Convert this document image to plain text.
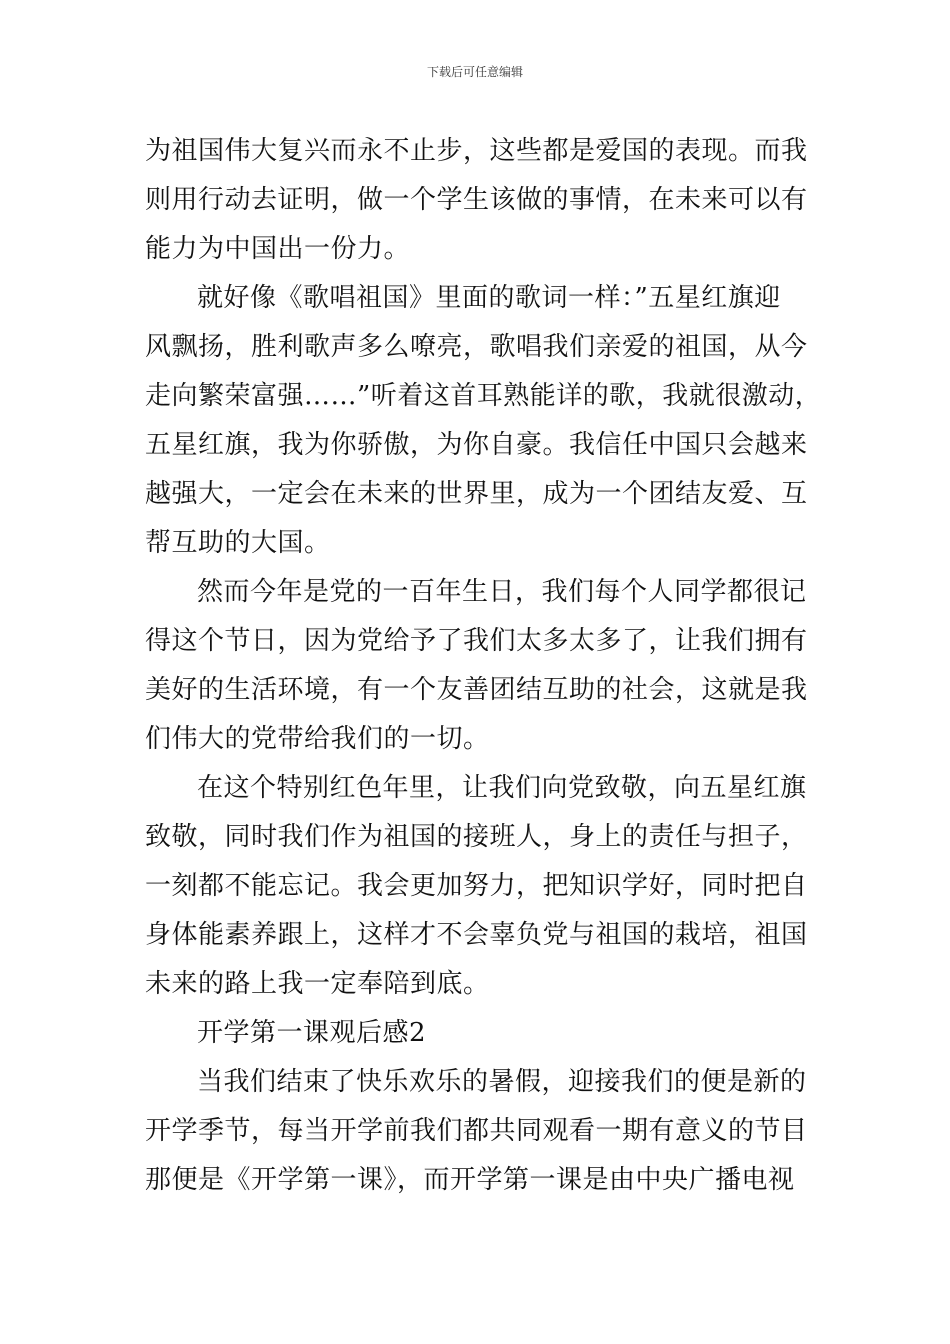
下载后可任意编辑
为祖国伟大复兴而永不止步，这些都是爱国的表现。而我
则用行动去证明，做一个学生该做的事情，在未来可以有
能力为中国出一份力。
就好像《歌唱祖国》里面的歌词一样：”五星红旗迎
风飘扬，胜利歌声多么嘹亮，歌唱我们亲爱的祖国，从今
走向繁荣富强……”听着这首耳熟能详的歌，我就很激动，
五星红旗，我为你骄傲，为你自豪。我信任中国只会越来
越强大，一定会在未来的世界里，成为一个团结友爱、互
帮互助的大国。
然而今年是党的一百年生日，我们每个人同学都很记
得这个节日，因为党给予了我们太多太多了，让我们拥有
美好的生活环境，有一个友善团结互助的社会，这就是我
们伟大的党带给我们的一切。
在这个特别红色年里，让我们向党致敬，向五星红旗
致敬，同时我们作为祖国的接班人，身上的责任与担子，
一刻都不能忘记。我会更加努力，把知识学好，同时把自
身体能素养跟上，这样才不会辜负党与祖国的栽培，祖国
未来的路上我一定奉陪到底。
开学第一课观后感2
当我们结束了快乐欢乐的暑假，迎接我们的便是新的
开学季节，每当开学前我们都共同观看一期有意义的节目
那便是《开学第一课》，而开学第一课是由中央广播电视
